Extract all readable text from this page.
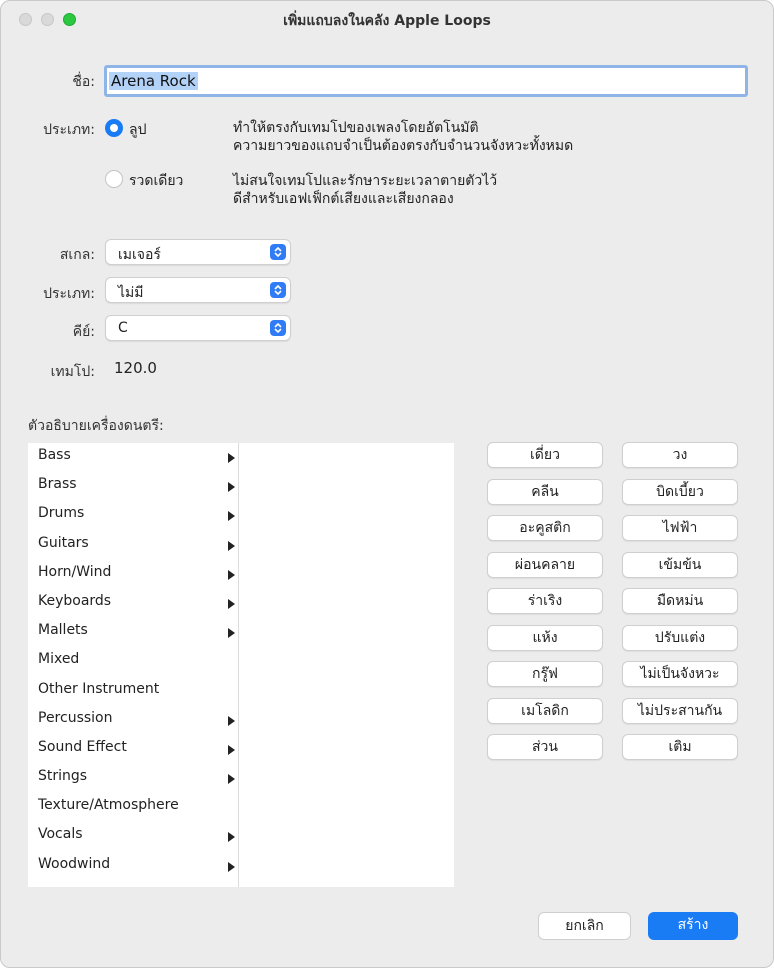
เพิ่มแถบลงในคลัง Apple Loops
ชื่อ:	Arena Rock
ประเภท: ลูป	ทำให้ตรงกับเทมโปของเพลงโดยอัตโนมัติ
ความยาวของแถบจำเป็นต้องตรงกับจำนวนจังหวะทั้งหมด
รวดเดียว	ไม่สนใจเทมโปและรักษาระยะเวลาตายตัวไว้
ดีสำหรับเอฟเฟ็กต์เสียงและเสียงกลอง
สเกล: เมเจอร์
ประเภท: ไม่มี
คีย์: C
เทมโป: 120.0
ตัวอธิบายเครื่องดนตรี:
Bass
Brass
Drums
Guitars
Horn/Wind
Keyboards
Mallets
Mixed
Other Instrument
Percussion
Sound Effect
Strings
Texture/Atmosphere
Vocals
Woodwind
เดี่ยว	วง
คลีน	บิดเบี้ยว
อะคูสติก	ไฟฟ้า
ผ่อนคลาย	เข้มข้น
ร่าเริง	มืดหม่น
แห้ง	ปรับแต่ง
กรู๊ฟ	ไม่เป็นจังหวะ
เมโลดิก	ไม่ประสานกัน
ส่วน	เติม
ยกเลิก	สร้าง
